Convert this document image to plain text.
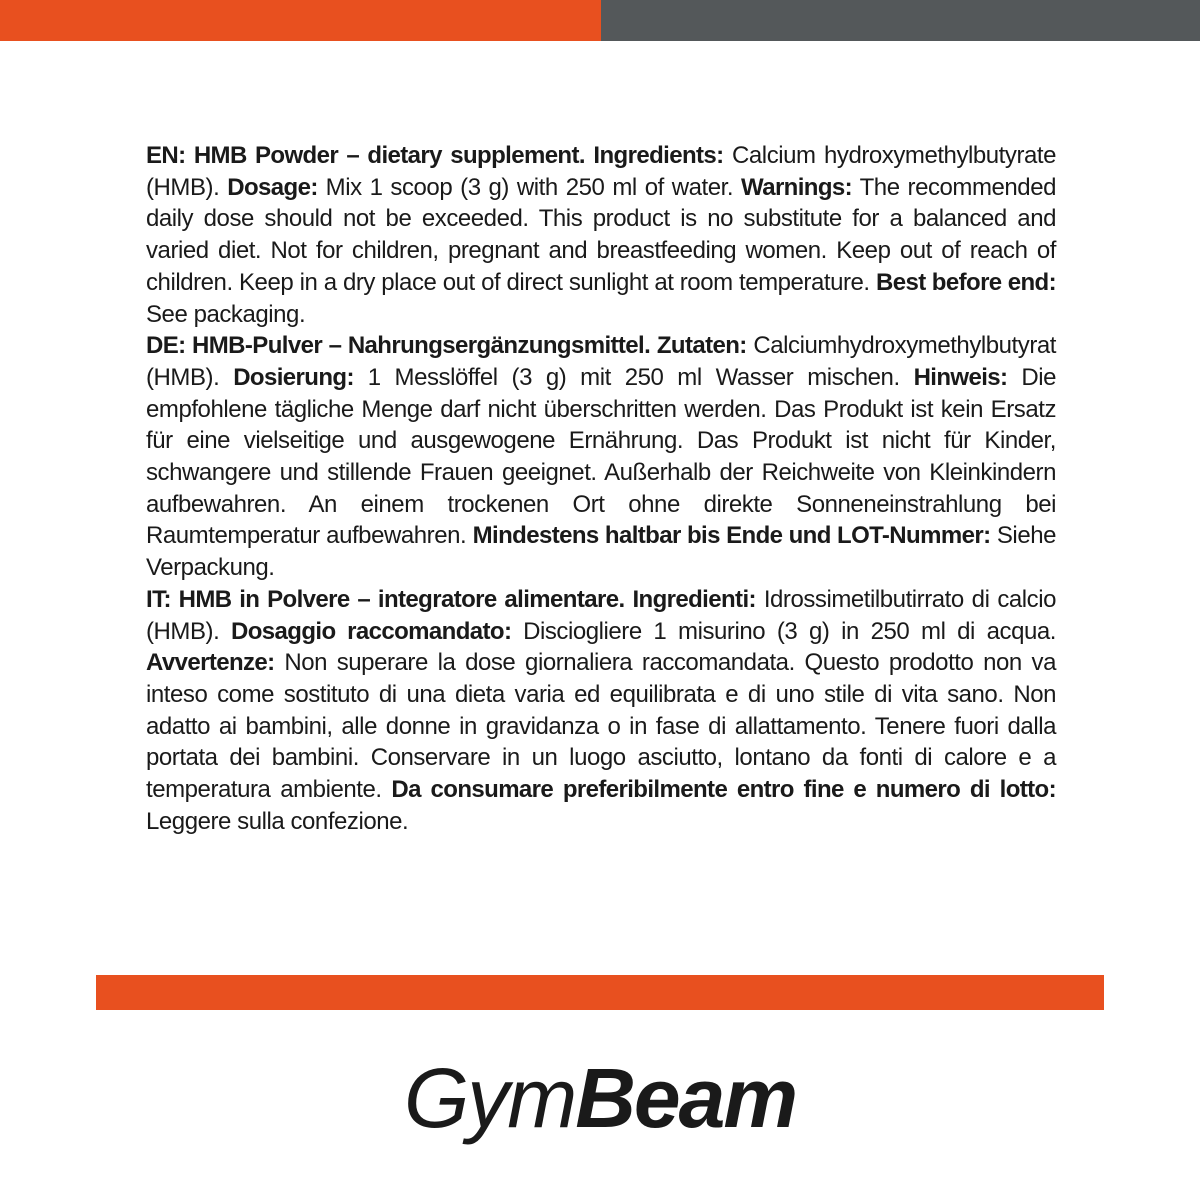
EN: HMB Powder – dietary supplement. Ingredients: Calcium hydroxymethylbutyrate (HMB). Dosage: Mix 1 scoop (3 g) with 250 ml of water. Warnings: The recommended daily dose should not be exceeded. This product is no substitute for a balanced and varied diet. Not for children, pregnant and breastfeeding women. Keep out of reach of children. Keep in a dry place out of direct sunlight at room temperature. Best before end: See packaging.
DE: HMB-Pulver – Nahrungsergänzungsmittel. Zutaten: Calciumhydroxymethylbutyrat (HMB). Dosierung: 1 Messlöffel (3 g) mit 250 ml Wasser mischen. Hinweis: Die empfohlene tägliche Menge darf nicht überschritten werden. Das Produkt ist kein Ersatz für eine vielseitige und ausgewogene Ernährung. Das Produkt ist nicht für Kinder, schwangere und stillende Frauen geeignet. Außerhalb der Reichweite von Kleinkindern aufbewahren. An einem trockenen Ort ohne direkte Sonneneinstrahlung bei Raumtemperatur aufbewahren. Mindestens haltbar bis Ende und LOT-Nummer: Siehe Verpackung.
IT: HMB in Polvere – integratore alimentare. Ingredienti: Idrossimetilbutirrato di calcio (HMB). Dosaggio raccomandato: Disciogliere 1 misurino (3 g) in 250 ml di acqua. Avvertenze: Non superare la dose giornaliera raccomandata. Questo prodotto non va inteso come sostituto di una dieta varia ed equilibrata e di uno stile di vita sano. Non adatto ai bambini, alle donne in gravidanza o in fase di allattamento. Tenere fuori dalla portata dei bambini. Conservare in un luogo asciutto, lontano da fonti di calore e a temperatura ambiente. Da consumare preferibilmente entro fine e numero di lotto: Leggere sulla confezione.
GymBeam
